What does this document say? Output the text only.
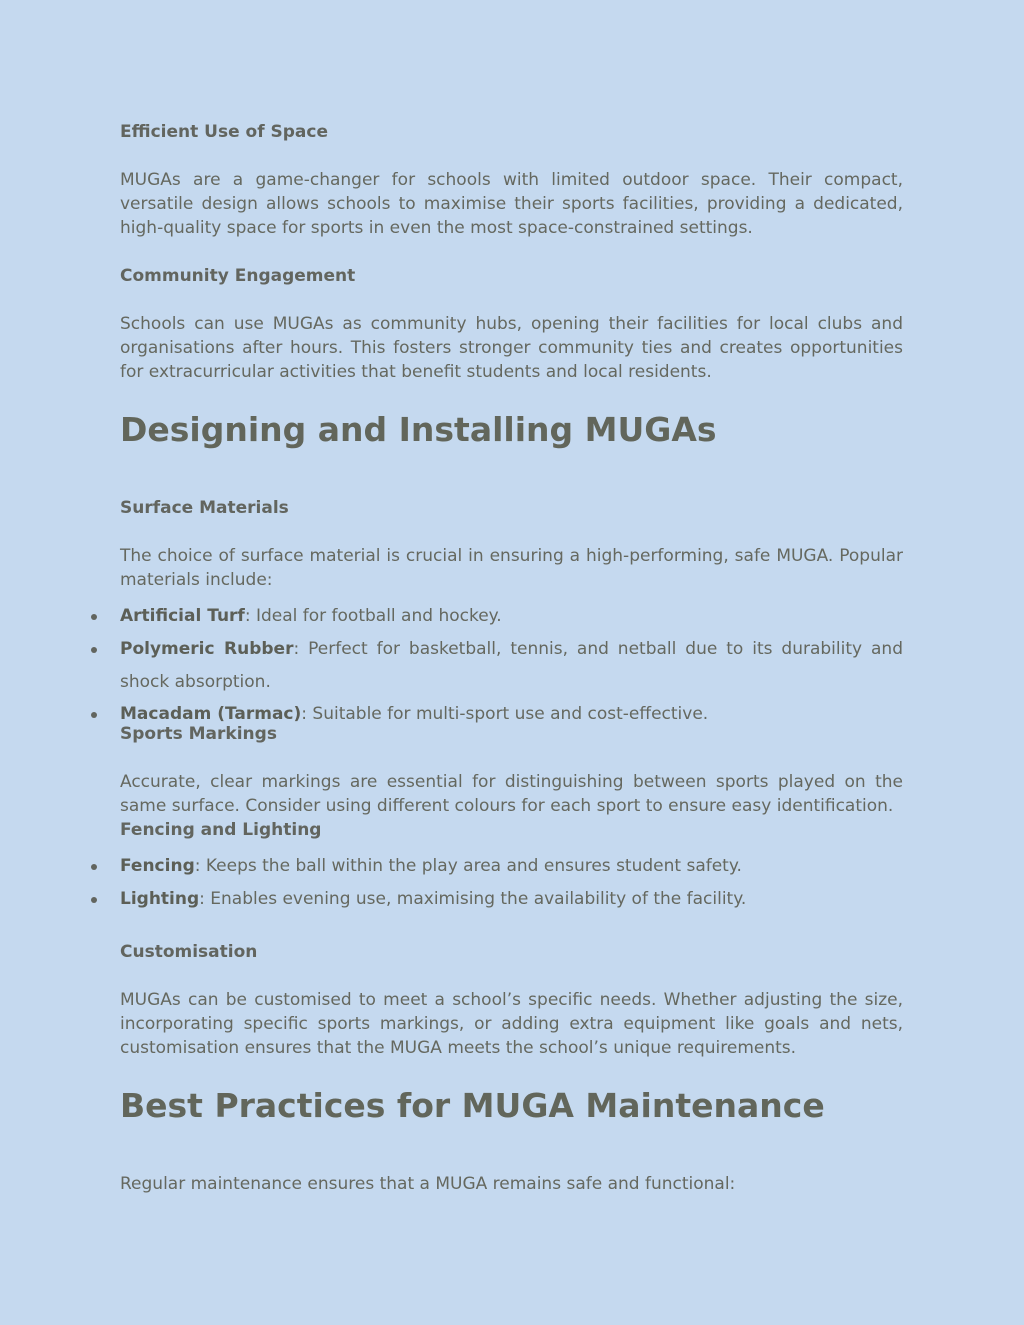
Efficient Use of Space

MUGAs are a game-changer for schools with limited outdoor space. Their compact, versatile design allows schools to maximise their sports facilities, providing a dedicated, high-quality space for sports in even the most space-constrained settings.

Community Engagement

Schools can use MUGAs as community hubs, opening their facilities for local clubs and organisations after hours. This fosters stronger community ties and creates opportunities for extracurricular activities that benefit students and local residents.

Designing and Installing MUGAs
Surface Materials

The choice of surface material is crucial in ensuring a high-performing, safe MUGA. Popular materials include:

Artificial Turf: Ideal for football and hockey.

Polymeric Rubber: Perfect for basketball, tennis, and netball due to its durability and shock absorption.

Macadam (Tarmac): Suitable for multi-sport use and cost-effective.

Sports Markings

Accurate, clear markings are essential for distinguishing between sports played on the same surface. Consider using different colours for each sport to ensure easy identification.

Fencing and Lighting

Fencing: Keeps the ball within the play area and ensures student safety.

Lighting: Enables evening use, maximising the availability of the facility.

Customisation

MUGAs can be customised to meet a school’s specific needs. Whether adjusting the size, incorporating specific sports markings, or adding extra equipment like goals and nets, customisation ensures that the MUGA meets the school’s unique requirements.

Best Practices for MUGA Maintenance

Regular maintenance ensures that a MUGA remains safe and functional:
